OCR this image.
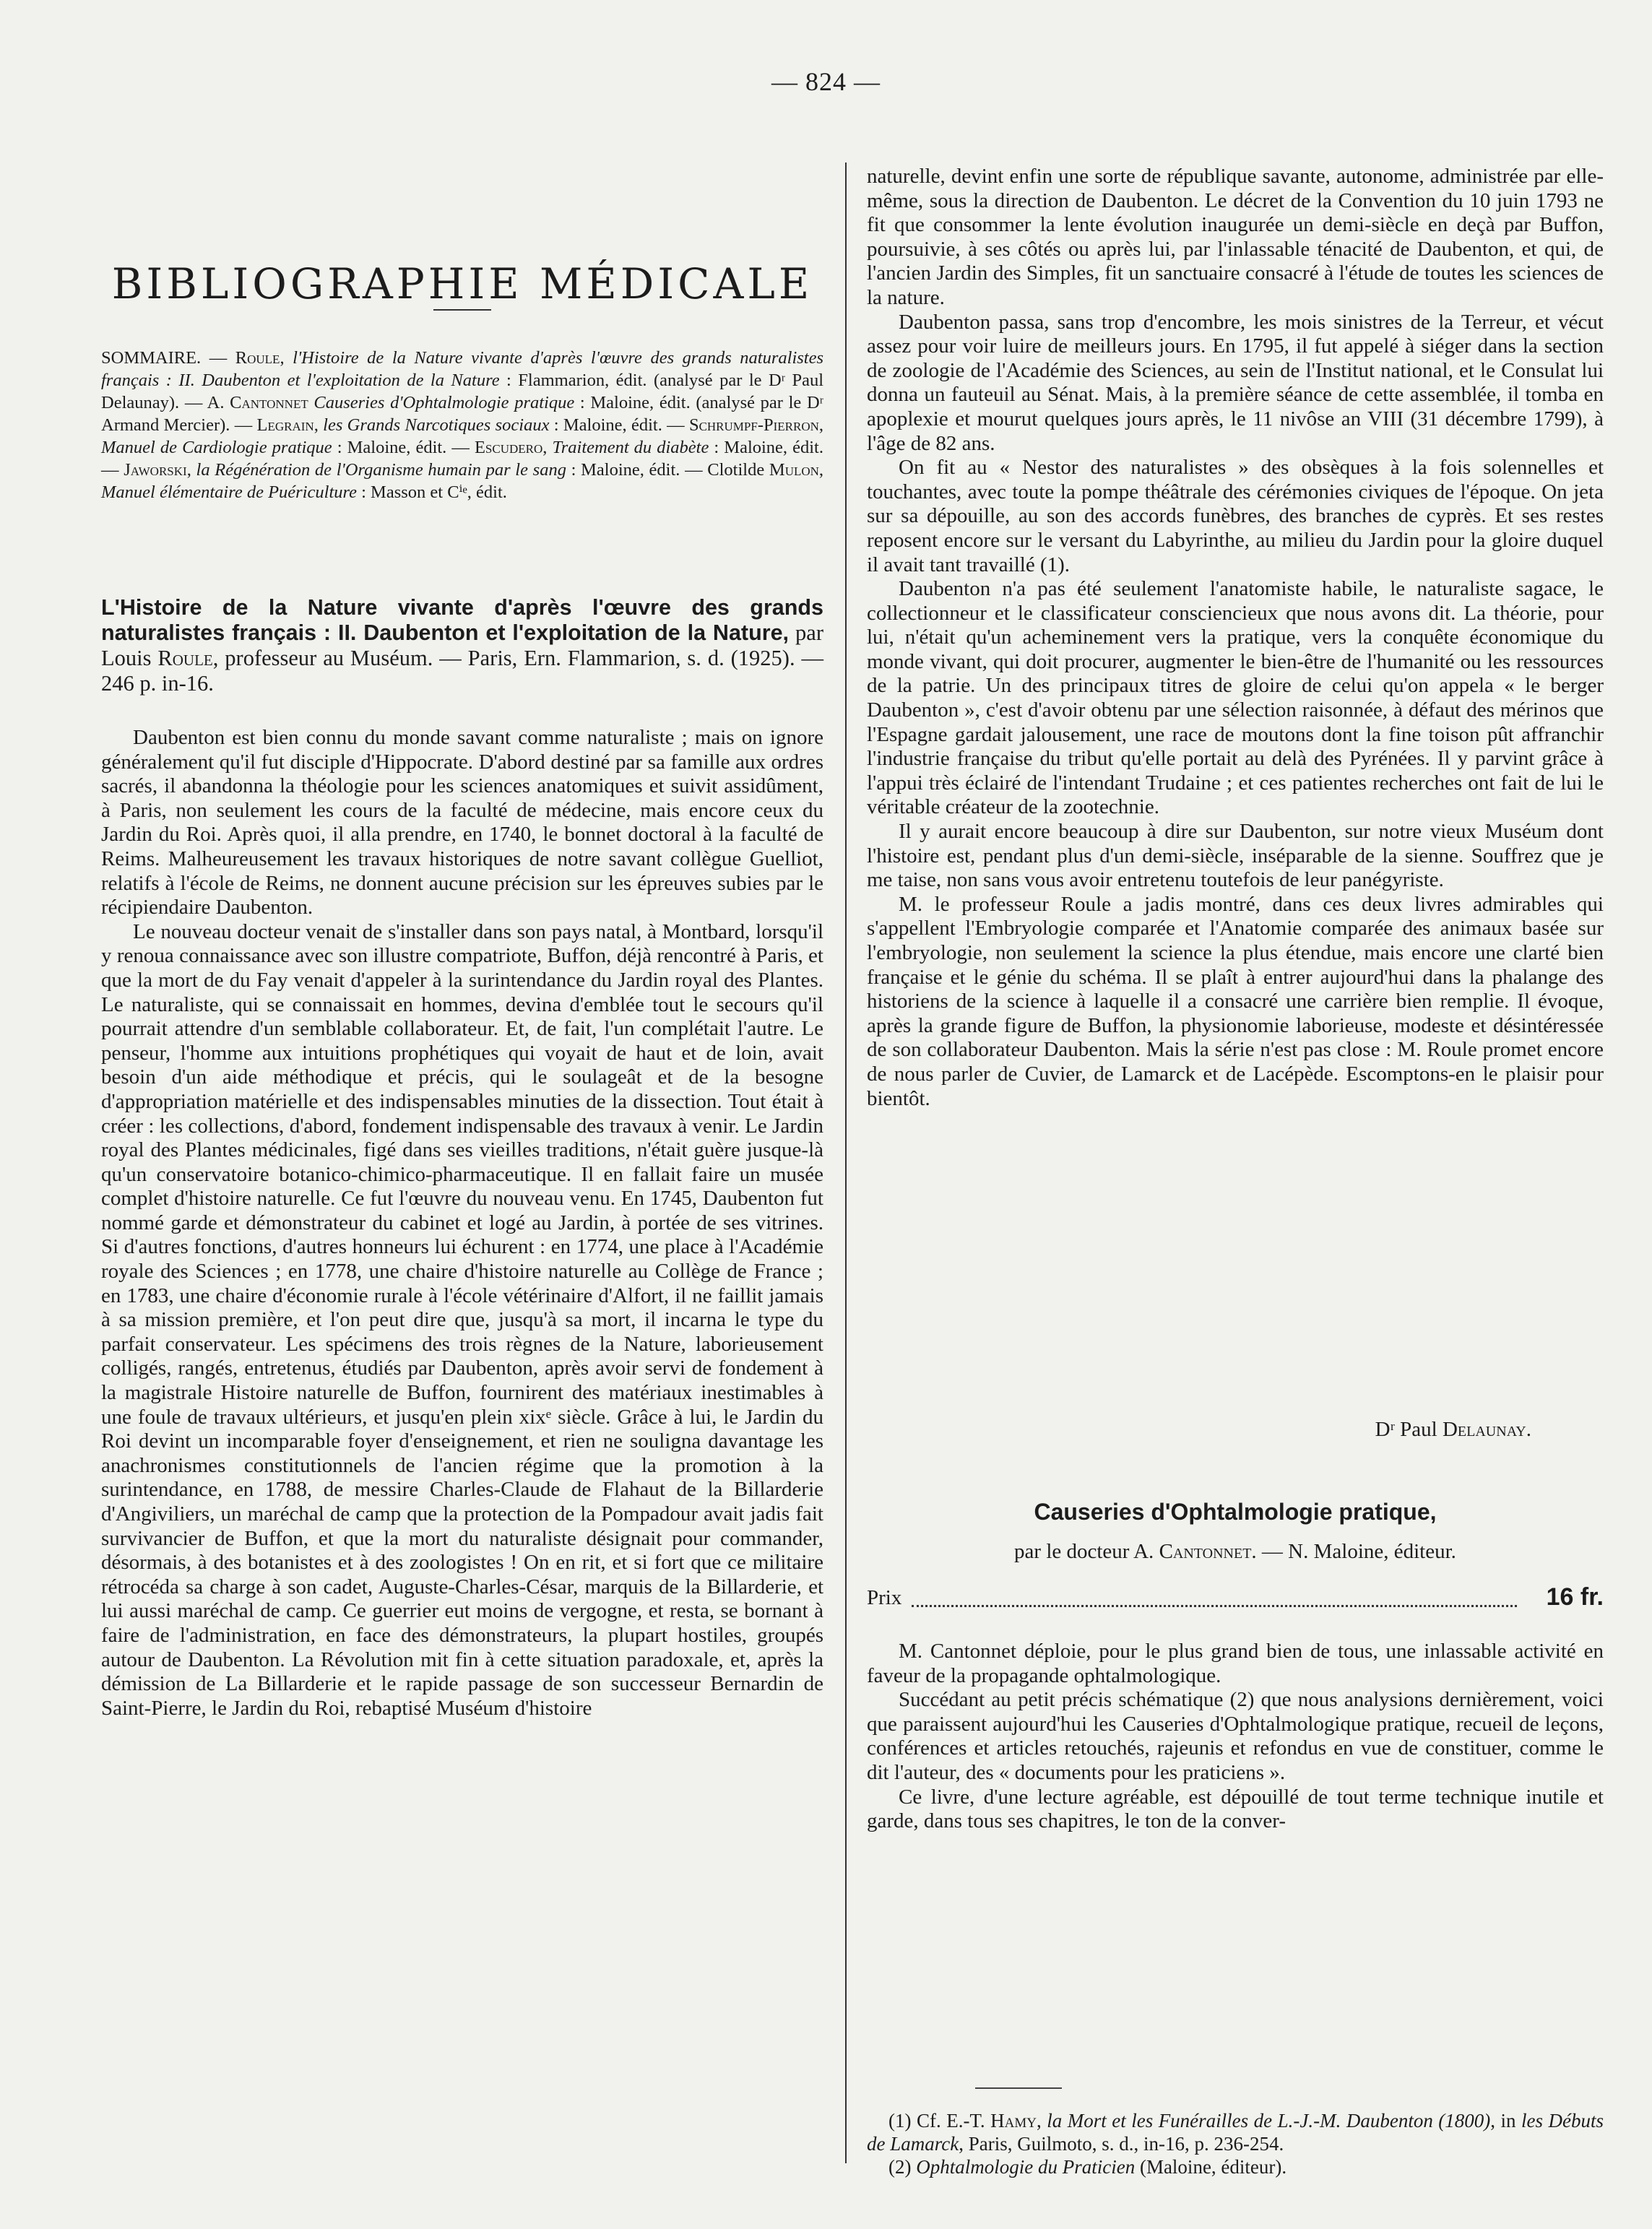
— 824 —
BIBLIOGRAPHIE MÉDICALE

SOMMAIRE. — Roule, l'Histoire de la Nature vivante d'après l'œuvre des grands naturalistes français : II. Daubenton et l'exploitation de la Nature : Flammarion, édit. (analysé par le Dʳ Paul Delaunay). — A. Cantonnet Causeries d'Ophtalmologie pratique : Maloine, édit. (analysé par le Dʳ Armand Mercier). — Legrain, les Grands Narcotiques sociaux : Maloine, édit. — Schrumpf-Pierron, Manuel de Cardiologie pratique : Maloine, édit. — Escudero, Traitement du diabète : Maloine, édit. — Jaworski, la Régénération de l'Organisme humain par le sang : Maloine, édit. — Clotilde Mulon, Manuel élémentaire de Puériculture : Masson et Cⁱᵉ, édit.

L'Histoire de la Nature vivante d'après l'œuvre des grands naturalistes français : II. Daubenton et l'exploitation de la Nature, par Louis Roule, professeur au Muséum. — Paris, Ern. Flammarion, s. d. (1925). — 246 p. in-16.

Daubenton est bien connu du monde savant comme naturaliste ; mais on ignore généralement qu'il fut disciple d'Hippocrate. D'abord destiné par sa famille aux ordres sacrés, il abandonna la théologie pour les sciences anatomiques et suivit assidûment, à Paris, non seulement les cours de la faculté de médecine, mais encore ceux du Jardin du Roi. Après quoi, il alla prendre, en 1740, le bonnet doctoral à la faculté de Reims. Malheureusement les travaux historiques de notre savant collègue Guelliot, relatifs à l'école de Reims, ne donnent aucune précision sur les épreuves subies par le récipiendaire Daubenton.

Le nouveau docteur venait de s'installer dans son pays natal, à Montbard, lorsqu'il y renoua connaissance avec son illustre compatriote, Buffon, déjà rencontré à Paris, et que la mort de du Fay venait d'appeler à la surintendance du Jardin royal des Plantes. Le naturaliste, qui se connaissait en hommes, devina d'emblée tout le secours qu'il pourrait attendre d'un semblable collaborateur. Et, de fait, l'un complétait l'autre. Le penseur, l'homme aux intuitions prophétiques qui voyait de haut et de loin, avait besoin d'un aide méthodique et précis, qui le soulageât et de la besogne d'appropriation matérielle et des indispensables minuties de la dissection. Tout était à créer : les collections, d'abord, fondement indispensable des travaux à venir. Le Jardin royal des Plantes médicinales, figé dans ses vieilles traditions, n'était guère jusque-là qu'un conservatoire botanico-chimico-pharmaceutique. Il en fallait faire un musée complet d'histoire naturelle. Ce fut l'œuvre du nouveau venu. En 1745, Daubenton fut nommé garde et démonstrateur du cabinet et logé au Jardin, à portée de ses vitrines. Si d'autres fonctions, d'autres honneurs lui échurent : en 1774, une place à l'Académie royale des Sciences ; en 1778, une chaire d'histoire naturelle au Collège de France ; en 1783, une chaire d'économie rurale à l'école vétérinaire d'Alfort, il ne faillit jamais à sa mission première, et l'on peut dire que, jusqu'à sa mort, il incarna le type du parfait conservateur. Les spécimens des trois règnes de la Nature, laborieusement colligés, rangés, entretenus, étudiés par Daubenton, après avoir servi de fondement à la magistrale Histoire naturelle de Buffon, fournirent des matériaux inestimables à une foule de travaux ultérieurs, et jusqu'en plein xixᵉ siècle. Grâce à lui, le Jardin du Roi devint un incomparable foyer d'enseignement, et rien ne souligna davantage les anachronismes constitutionnels de l'ancien régime que la promotion à la surintendance, en 1788, de messire Charles-Claude de Flahaut de la Billarderie d'Angiviliers, un maréchal de camp que la protection de la Pompadour avait jadis fait survivancier de Buffon, et que la mort du naturaliste désignait pour commander, désormais, à des botanistes et à des zoologistes ! On en rit, et si fort que ce militaire rétrocéda sa charge à son cadet, Auguste-Charles-César, marquis de la Billarderie, et lui aussi maréchal de camp. Ce guerrier eut moins de vergogne, et resta, se bornant à faire de l'administration, en face des démonstrateurs, la plupart hostiles, groupés autour de Daubenton. La Révolution mit fin à cette situation paradoxale, et, après la démission de La Billarderie et le rapide passage de son successeur Bernardin de Saint-Pierre, le Jardin du Roi, rebaptisé Muséum d'histoire

naturelle, devint enfin une sorte de république savante, autonome, administrée par elle-même, sous la direction de Daubenton. Le décret de la Convention du 10 juin 1793 ne fit que consommer la lente évolution inaugurée un demi-siècle en deçà par Buffon, poursuivie, à ses côtés ou après lui, par l'inlassable ténacité de Daubenton, et qui, de l'ancien Jardin des Simples, fit un sanctuaire consacré à l'étude de toutes les sciences de la nature.

Daubenton passa, sans trop d'encombre, les mois sinistres de la Terreur, et vécut assez pour voir luire de meilleurs jours. En 1795, il fut appelé à siéger dans la section de zoologie de l'Académie des Sciences, au sein de l'Institut national, et le Consulat lui donna un fauteuil au Sénat. Mais, à la première séance de cette assemblée, il tomba en apoplexie et mourut quelques jours après, le 11 nivôse an VIII (31 décembre 1799), à l'âge de 82 ans.

On fit au « Nestor des naturalistes » des obsèques à la fois solennelles et touchantes, avec toute la pompe théâtrale des cérémonies civiques de l'époque. On jeta sur sa dépouille, au son des accords funèbres, des branches de cyprès. Et ses restes reposent encore sur le versant du Labyrinthe, au milieu du Jardin pour la gloire duquel il avait tant travaillé (1).

Daubenton n'a pas été seulement l'anatomiste habile, le naturaliste sagace, le collectionneur et le classificateur consciencieux que nous avons dit. La théorie, pour lui, n'était qu'un acheminement vers la pratique, vers la conquête économique du monde vivant, qui doit procurer, augmenter le bien-être de l'humanité ou les ressources de la patrie. Un des principaux titres de gloire de celui qu'on appela « le berger Daubenton », c'est d'avoir obtenu par une sélection raisonnée, à défaut des mérinos que l'Espagne gardait jalousement, une race de moutons dont la fine toison pût affranchir l'industrie française du tribut qu'elle portait au delà des Pyrénées. Il y parvint grâce à l'appui très éclairé de l'intendant Trudaine ; et ces patientes recherches ont fait de lui le véritable créateur de la zootechnie.

Il y aurait encore beaucoup à dire sur Daubenton, sur notre vieux Muséum dont l'histoire est, pendant plus d'un demi-siècle, inséparable de la sienne. Souffrez que je me taise, non sans vous avoir entretenu toutefois de leur panégyriste.

M. le professeur Roule a jadis montré, dans ces deux livres admirables qui s'appellent l'Embryologie comparée et l'Anatomie comparée des animaux basée sur l'embryologie, non seulement la science la plus étendue, mais encore une clarté bien française et le génie du schéma. Il se plaît à entrer aujourd'hui dans la phalange des historiens de la science à laquelle il a consacré une carrière bien remplie. Il évoque, après la grande figure de Buffon, la physionomie laborieuse, modeste et désintéressée de son collaborateur Daubenton. Mais la série n'est pas close : M. Roule promet encore de nous parler de Cuvier, de Lamarck et de Lacépède. Escomptons-en le plaisir pour bientôt.

Dʳ Paul Delaunay.
Causeries d'Ophtalmologie pratique,
par le docteur A. Cantonnet. — N. Maloine, éditeur.
Prix	16 fr.

M. Cantonnet déploie, pour le plus grand bien de tous, une inlassable activité en faveur de la propagande ophtalmologique.

Succédant au petit précis schématique (2) que nous analysions dernièrement, voici que paraissent aujourd'hui les Causeries d'Ophtalmologique pratique, recueil de leçons, conférences et articles retouchés, rajeunis et refondus en vue de constituer, comme le dit l'auteur, des « documents pour les praticiens ».

Ce livre, d'une lecture agréable, est dépouillé de tout terme technique inutile et garde, dans tous ses chapitres, le ton de la conver-

(1) Cf. E.-T. Hamy, la Mort et les Funérailles de L.-J.-M. Daubenton (1800), in les Débuts de Lamarck, Paris, Guilmoto, s. d., in-16, p. 236-254.

(2) Ophtalmologie du Praticien (Maloine, éditeur).
